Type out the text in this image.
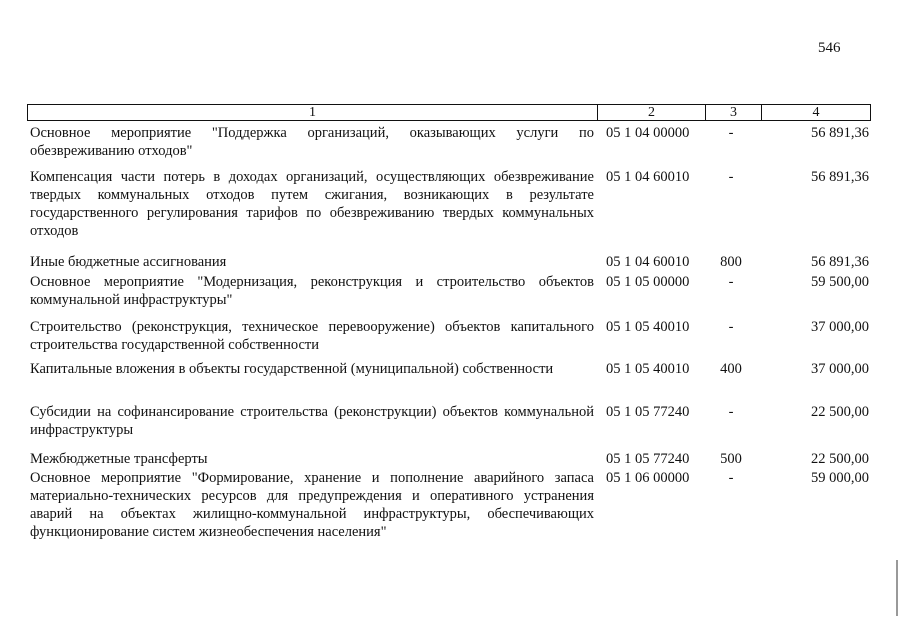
546
1	2	3	4
Основное мероприятие "Поддержка организаций, оказывающих услуги по обезвреживанию отходов"
05 1 04 00000	-	56 891,36
Компенсация части потерь в доходах организаций, осуществляющих обезвреживание твердых коммунальных отходов путем сжигания, возникающих в результате государственного регулирования тарифов по обезвреживанию твердых коммунальных отходов
05 1 04 60010	-	56 891,36
Иные бюджетные ассигнования	05 1 04 60010	800	56 891,36
Основное мероприятие "Модернизация, реконструкция и строительство объектов коммунальной инфраструктуры"
05 1 05 00000	-	59 500,00
Строительство (реконструкция, техническое перевооружение) объектов капитального строительства государственной собственности
05 1 05 40010	-	37 000,00
Капитальные вложения в объекты государственной (муниципальной) собственности	05 1 05 40010	400	37 000,00
Субсидии на софинансирование строительства (реконструкции) объектов коммунальной инфраструктуры
05 1 05 77240	-	22 500,00
Межбюджетные трансферты	05 1 05 77240	500	22 500,00
Основное мероприятие "Формирование, хранение и пополнение аварийного запаса материально-технических ресурсов для предупреждения и оперативного устранения аварий на объектах жилищно-коммунальной инфраструктуры, обеспечивающих функционирование систем жизнеобеспечения населения"
05 1 06 00000	-	59 000,00
